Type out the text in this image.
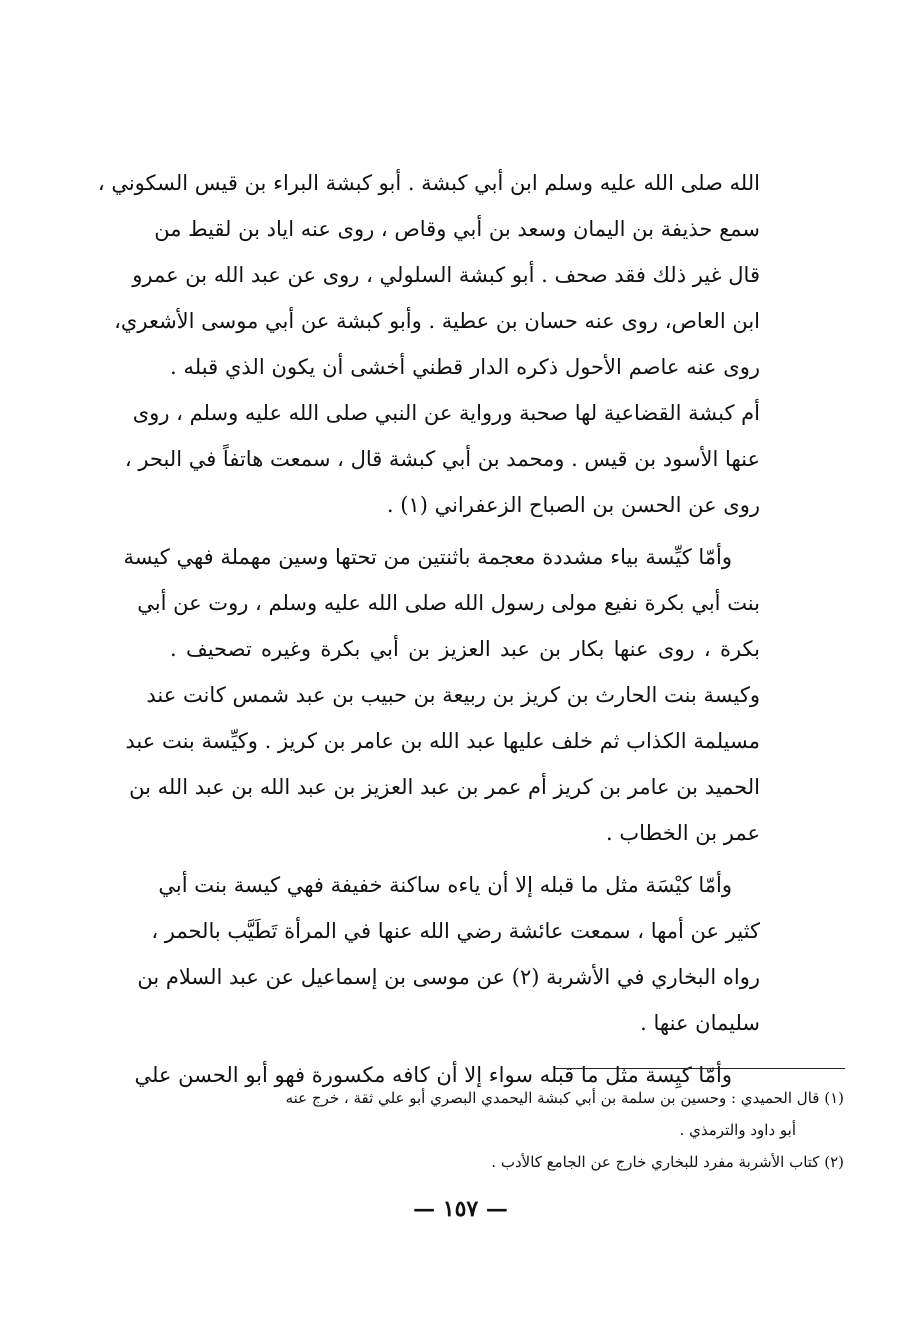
الله صلى الله عليه وسلم ابن أبي كبشة . أبو كبشة البراء بن قيس السكوني ،
سمع حذيفة بن اليمان وسعد بن أبي وقاص ، روى عنه اياد بن لقيط من
قال غير ذلك فقد صحف . أبو كبشة السلولي ، روى عن عبد الله بن عمرو
ابن العاص، روى عنه حسان بن عطية . وأبو كبشة عن أبي موسى الأشعري،
روى عنه عاصم الأحول ذكره الدار قطني أخشى أن يكون الذي قبله .
أم كبشة القضاعية لها صحبة ورواية عن النبي صلى الله عليه وسلم ، روى
عنها الأسود بن قيس . ومحمد بن أبي كبشة قال ، سمعت هاتفاً في البحر ،
روى عن الحسن بن الصباح الزعفراني (١) .
وأمّا كيِّسة بياء مشددة معجمة باثنتين من تحتها وسين مهملة فهي كيسة
بنت أبي بكرة نفيع مولى رسول الله صلى الله عليه وسلم ، روت عن أبي
بكرة ، روى عنها بكار بن عبد العزيز بن أبي بكرة وغيره تصحيف .
وكيسة بنت الحارث بن كريز بن ربيعة بن حبيب بن عبد شمس كانت عند
مسيلمة الكذاب ثم خلف عليها عبد الله بن عامر بن كريز . وكيِّسة بنت عبد
الحميد بن عامر بن كريز أم عمر بن عبد العزيز بن عبد الله بن عبد الله بن
عمر بن الخطاب .
وأمّا كيْسَة مثل ما قبله إلا أن ياءه ساكنة خفيفة فهي كيسة بنت أبي
كثير عن أمها ، سمعت عائشة رضي الله عنها في المرأة تَطَيَّب بالحمر ،
رواه البخاري في الأشربة (٢) عن موسى بن إسماعيل عن عبد السلام بن
سليمان عنها .
وأمّا كيِسة مثل ما قبله سواء إلا أن كافه مكسورة فهو أبو الحسن علي
(١) قال الحميدي : وحسين بن سلمة بن أبي كبشة اليحمدي البصري أبو علي ثقة ، خرج عنه
أبو داود والترمذي .
(٢) كتاب الأشربة مفرد للبخاري خارج عن الجامع كالأدب .
— ١٥٧ —
